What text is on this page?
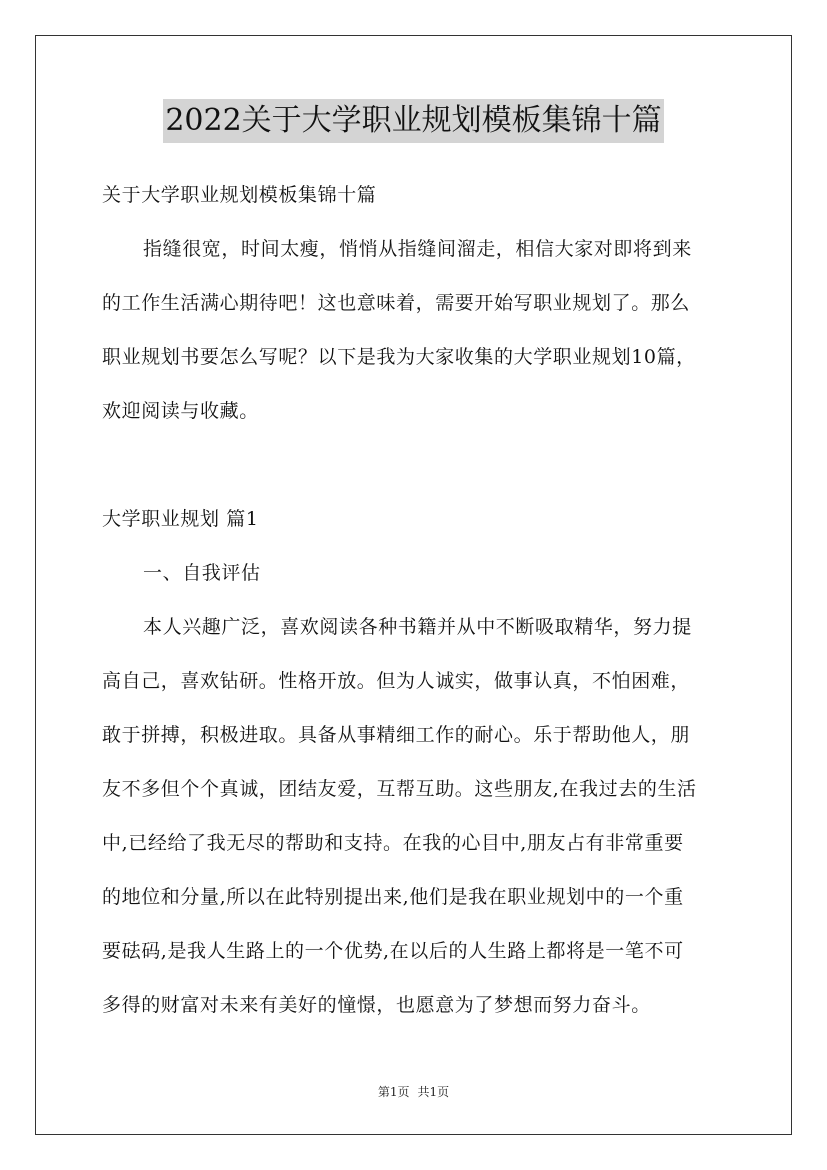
2022关于大学职业规划模板集锦十篇
关于大学职业规划模板集锦十篇
指缝很宽，时间太瘦，悄悄从指缝间溜走，相信大家对即将到来
的工作生活满心期待吧！这也意味着，需要开始写职业规划了。那么
职业规划书要怎么写呢？以下是我为大家收集的大学职业规划10篇，
欢迎阅读与收藏。
大学职业规划 篇1
一、自我评估
本人兴趣广泛，喜欢阅读各种书籍并从中不断吸取精华，努力提
高自己，喜欢钻研。性格开放。但为人诚实，做事认真，不怕困难，
敢于拼搏，积极进取。具备从事精细工作的耐心。乐于帮助他人，朋
友不多但个个真诚，团结友爱，互帮互助。这些朋友,在我过去的生活
中,已经给了我无尽的帮助和支持。在我的心目中,朋友占有非常重要
的地位和分量,所以在此特别提出来,他们是我在职业规划中的一个重
要砝码,是我人生路上的一个优势,在以后的人生路上都将是一笔不可
多得的财富对未来有美好的憧憬，也愿意为了梦想而努力奋斗。
第1页 共1页
